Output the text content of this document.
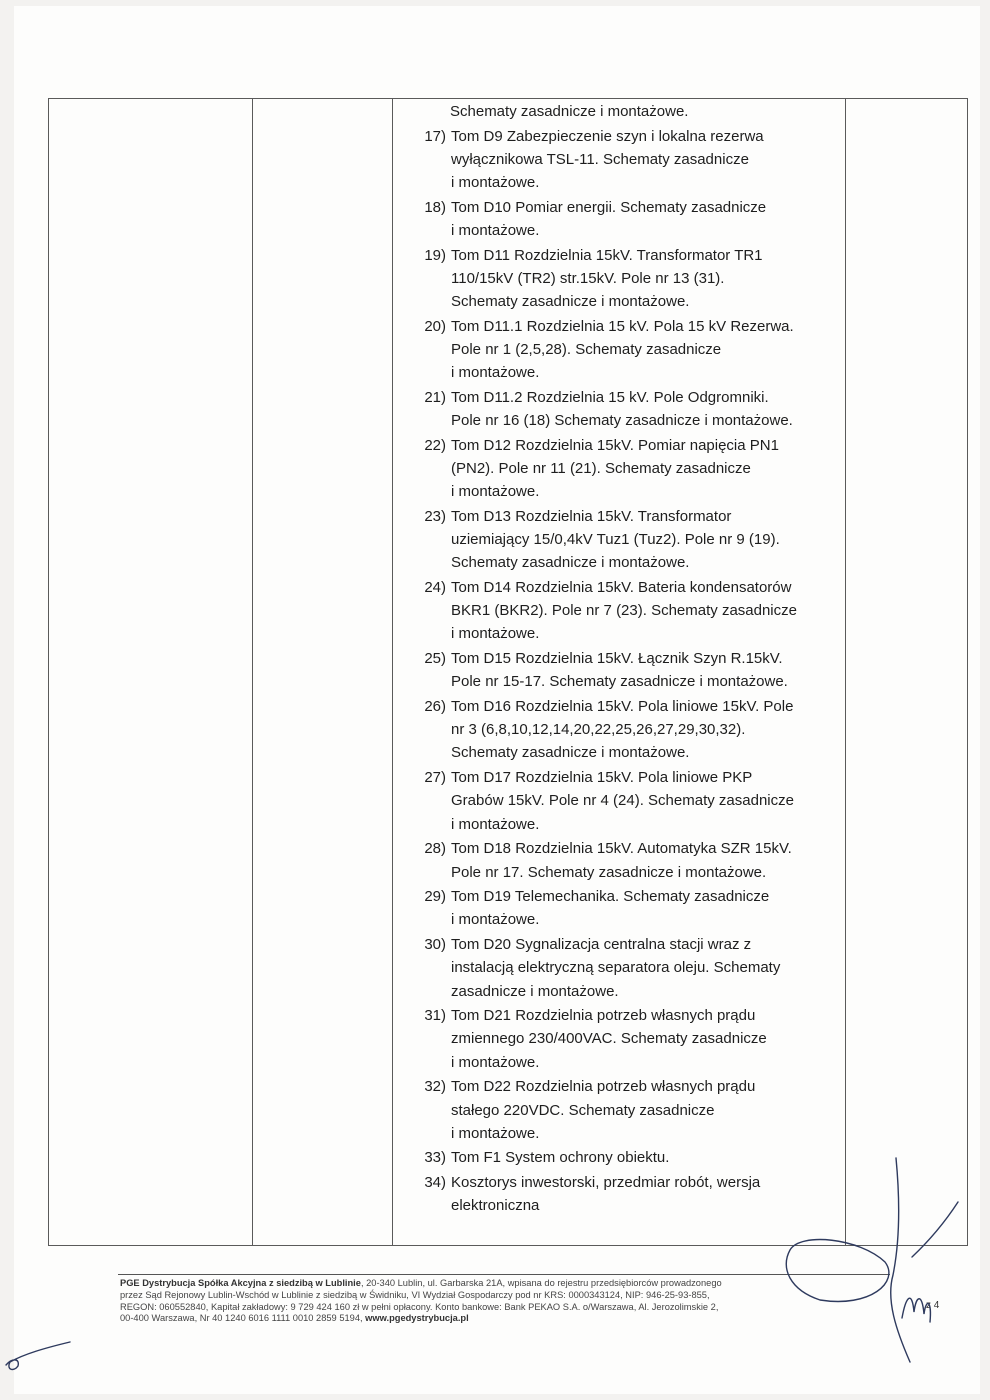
Schematy zasadnicze i montażowe.
17) Tom D9 Zabezpieczenie szyn i lokalna rezerwa
wyłącznikowa TSL-11. Schematy zasadnicze
i montażowe.
18) Tom D10 Pomiar energii. Schematy zasadnicze
i montażowe.
19) Tom D11 Rozdzielnia 15kV. Transformator TR1
110/15kV (TR2) str.15kV. Pole nr 13 (31).
Schematy zasadnicze i montażowe.
20) Tom D11.1 Rozdzielnia 15 kV. Pola 15 kV Rezerwa.
Pole nr 1 (2,5,28). Schematy zasadnicze
i montażowe.
21) Tom D11.2 Rozdzielnia 15 kV. Pole Odgromniki.
Pole nr 16 (18) Schematy zasadnicze i montażowe.
22) Tom D12 Rozdzielnia 15kV. Pomiar napięcia PN1
(PN2). Pole nr 11 (21). Schematy zasadnicze
i montażowe.
23) Tom D13 Rozdzielnia 15kV. Transformator
uziemiający 15/0,4kV Tuz1 (Tuz2). Pole nr 9 (19).
Schematy zasadnicze i montażowe.
24) Tom D14 Rozdzielnia 15kV. Bateria kondensatorów
BKR1 (BKR2). Pole nr 7 (23). Schematy zasadnicze
i montażowe.
25) Tom D15 Rozdzielnia 15kV. Łącznik Szyn R.15kV.
Pole nr 15-17. Schematy zasadnicze i montażowe.
26) Tom D16 Rozdzielnia 15kV. Pola liniowe 15kV. Pole
nr 3 (6,8,10,12,14,20,22,25,26,27,29,30,32).
Schematy zasadnicze i montażowe.
27) Tom D17 Rozdzielnia 15kV. Pola liniowe PKP
Grabów 15kV. Pole nr 4 (24). Schematy zasadnicze
i montażowe.
28) Tom D18 Rozdzielnia 15kV. Automatyka SZR 15kV.
Pole nr 17. Schematy zasadnicze i montażowe.
29) Tom D19 Telemechanika. Schematy zasadnicze
i montażowe.
30) Tom D20 Sygnalizacja centralna stacji wraz z
instalacją elektryczną separatora oleju. Schematy
zasadnicze i montażowe.
31) Tom D21 Rozdzielnia potrzeb własnych prądu
zmiennego 230/400VAC. Schematy zasadnicze
i montażowe.
32) Tom D22 Rozdzielnia potrzeb własnych prądu
stałego 220VDC. Schematy zasadnicze
i montażowe.
33) Tom F1 System ochrony obiektu.
34) Kosztorys inwestorski, przedmiar robót, wersja
elektroniczna
PGE Dystrybucja Spółka Akcyjna z siedzibą w Lublinie, 20-340 Lublin, ul. Garbarska 21A, wpisana do rejestru przedsiębiorców prowadzonego
przez Sąd Rejonowy Lublin-Wschód w Lublinie z siedzibą w Świdniku, VI Wydział Gospodarczy pod nr KRS: 0000343124, NIP: 946-25-93-855,
REGON: 060552840, Kapitał zakładowy: 9 729 424 160 zł w pełni opłacony. Konto bankowe: Bank PEKAO S.A. o/Warszawa, Al. Jerozolimskie 2,
00-400 Warszawa, Nr 40 1240 6016 1111 0010 2859 5194, www.pgedystrybucja.pl
z 4
